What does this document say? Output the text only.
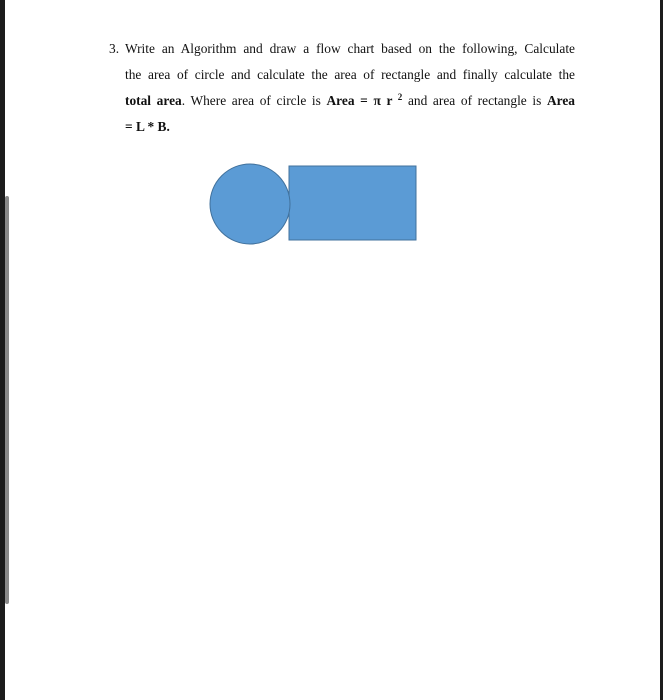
3. Write an Algorithm and draw a flow chart based on the following, Calculate
the area of circle and calculate the area of rectangle and finally calculate the
total area. Where area of circle is Area = π r $^2$ and area of rectangle is Area
= L * B.
